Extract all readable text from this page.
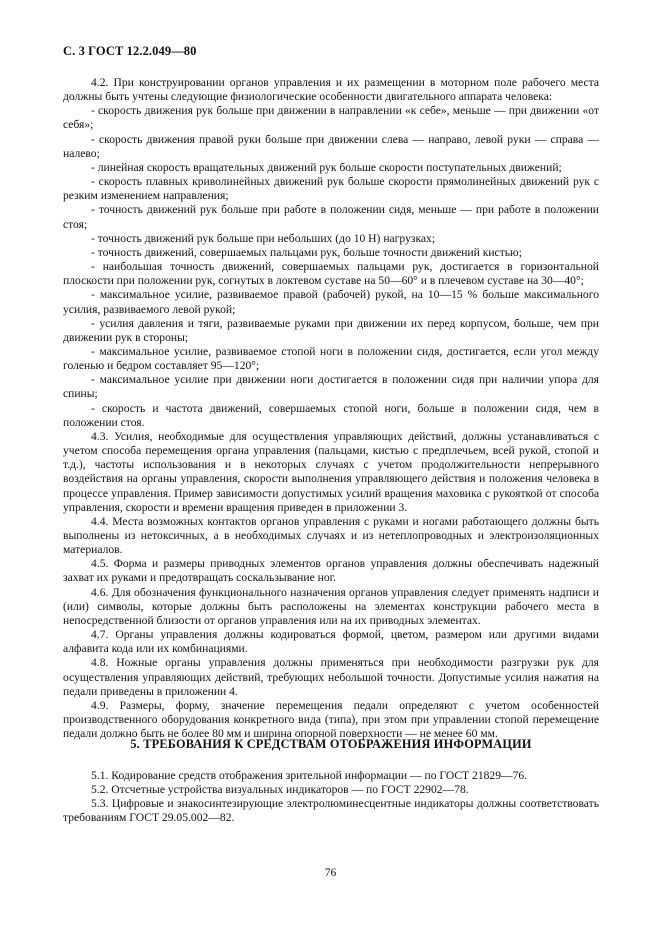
С. 3 ГОСТ 12.2.049—80

4.2. При конструировании органов управления и их размещении в моторном поле рабочего места должны быть учтены следующие физиологические особенности двигательного аппарата человека:

- скорость движения рук больше при движении в направлении «к себе», меньше — при движении «от себя»;

- скорость движения правой руки больше при движении слева — направо, левой руки — справа — налево;

- линейная скорость вращательных движений рук больше скорости поступательных движений;

- скорость плавных криволинейных движений рук больше скорости прямолинейных движений рук с резким изменением направления;

- точность движений рук больше при работе в положении сидя, меньше — при работе в положении стоя;

- точность движений рук больше при небольших (до 10 Н) нагрузках;

- точность движений, совершаемых пальцами рук, больше точности движений кистью;

- наибольшая точность движений, совершаемых пальцами рук, достигается в горизонтальной плоскости при положении рук, согнутых в локтевом суставе на 50—60° и в плечевом суставе на 30—40°;

- максимальное усилие, развиваемое правой (рабочей) рукой, на 10—15 % больше максимального усилия, развиваемого левой рукой;

- усилия давления и тяги, развиваемые руками при движении их перед корпусом, больше, чем при движении рук в стороны;

- максимальное усилие, развиваемое стопой ноги в положении сидя, достигается, если угол между голенью и бедром составляет 95—120°;

- максимальное усилие при движении ноги достигается в положении сидя при наличии упора для спины;

- скорость и частота движений, совершаемых стопой ноги, больше в положении сидя, чем в положении стоя.

4.3. Усилия, необходимые для осуществления управляющих действий, должны устанавливаться с учетом способа перемещения органа управления (пальцами, кистью с предплечьем, всей рукой, стопой и т.д.), частоты использования и в некоторых случаях с учетом продолжительности непрерывного воздействия на органы управления, скорости выполнения управляющего действия и положения человека в процессе управления. Пример зависимости допустимых усилий вращения маховика с рукояткой от способа управления, скорости и времени вращения приведен в приложении 3.

4.4. Места возможных контактов органов управления с руками и ногами работающего должны быть выполнены из нетоксичных, а в необходимых случаях и из нетеплопроводных и электроизоляционных материалов.

4.5. Форма и размеры приводных элементов органов управления должны обеспечивать надежный захват их руками и предотвращать соскальзывание ног.

4.6. Для обозначения функционального назначения органов управления следует применять надписи и (или) символы, которые должны быть расположены на элементах конструкции рабочего места в непосредственной близости от органов управления или на их приводных элементах.

4.7. Органы управления должны кодироваться формой, цветом, размером или другими видами алфавита кода или их комбинациями.

4.8. Ножные органы управления должны применяться при необходимости разгрузки рук для осуществления управляющих действий, требующих небольшой точности. Допустимые усилия нажатия на педали приведены в приложении 4.

4.9. Размеры, форму, значение перемещения педали определяют с учетом особенностей производственного оборудования конкретного вида (типа), при этом при управлении стопой перемещение педали должно быть не более 80 мм и ширина опорной поверхности — не менее 60 мм.

5. ТРЕБОВАНИЯ К СРЕДСТВАМ ОТОБРАЖЕНИЯ ИНФОРМАЦИИ

5.1. Кодирование средств отображения зрительной информации — по ГОСТ 21829—76.

5.2. Отсчетные устройства визуальных индикаторов — по ГОСТ 22902—78.

5.3. Цифровые и знакосинтезирующие электролюминесцентные индикаторы должны соответствовать требованиям ГОСТ 29.05.002—82.

76
